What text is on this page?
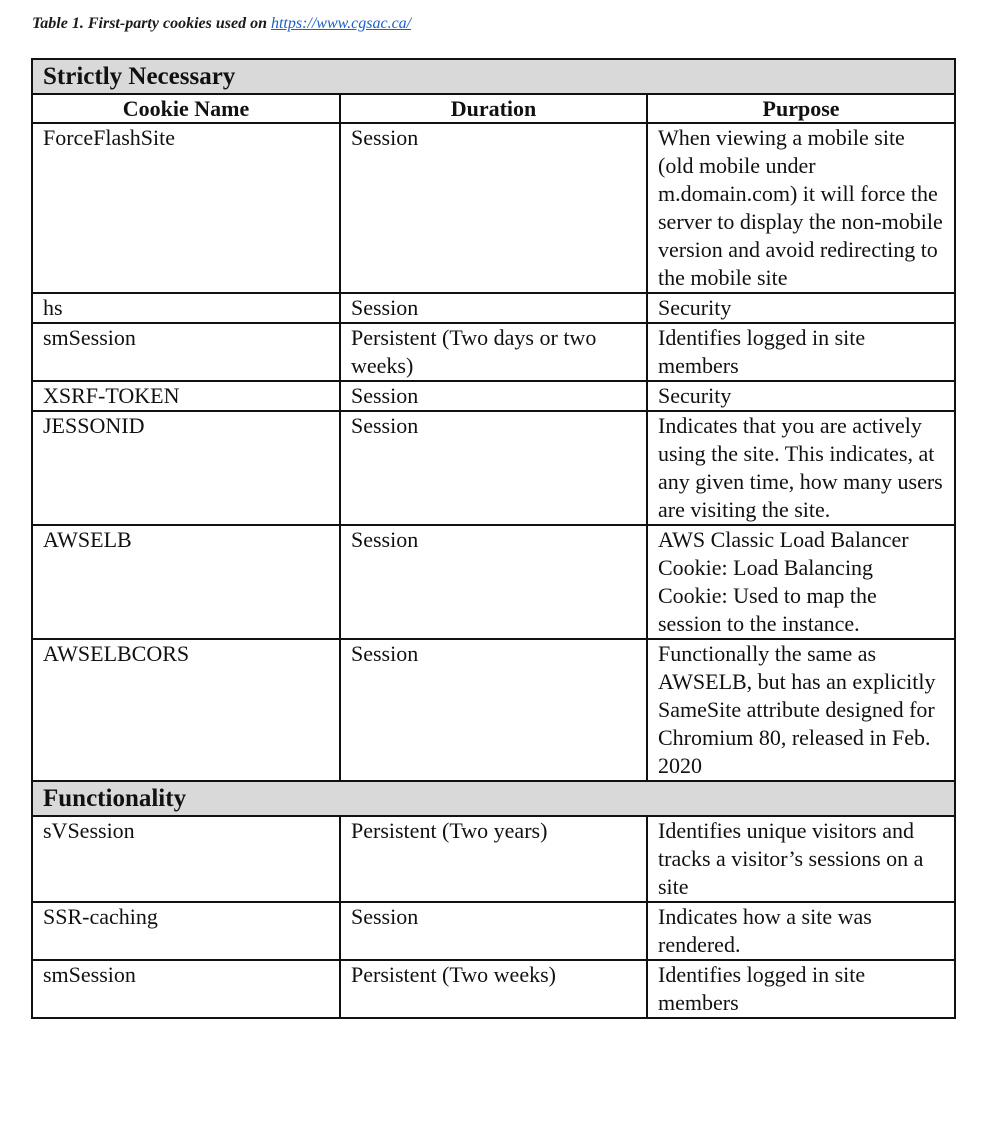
Table 1. First-party cookies used on https://www.cgsac.ca/
Strictly Necessary		
Cookie Name	Duration	Purpose
ForceFlashSite	Session	When viewing a mobile site (old mobile under m.domain.com) it will force the server to display the non-mobile version and avoid redirecting to the mobile site
hs	Session	Security
smSession	Persistent (Two days or two weeks)	Identifies logged in site members
XSRF-TOKEN	Session	Security
JESSONID	Session	Indicates that you are actively using the site. This indicates, at any given time, how many users are visiting the site.
AWSELB	Session	AWS Classic Load Balancer Cookie: Load Balancing Cookie: Used to map the session to the instance.
AWSELBCORS	Session	Functionally the same as AWSELB, but has an explicitly SameSite attribute designed for Chromium 80, released in Feb. 2020
Functionality		
sVSession	Persistent (Two years)	Identifies unique visitors and tracks a visitor’s sessions on a site
SSR-caching	Session	Indicates how a site was rendered.
smSession	Persistent (Two weeks)	Identifies logged in site members
